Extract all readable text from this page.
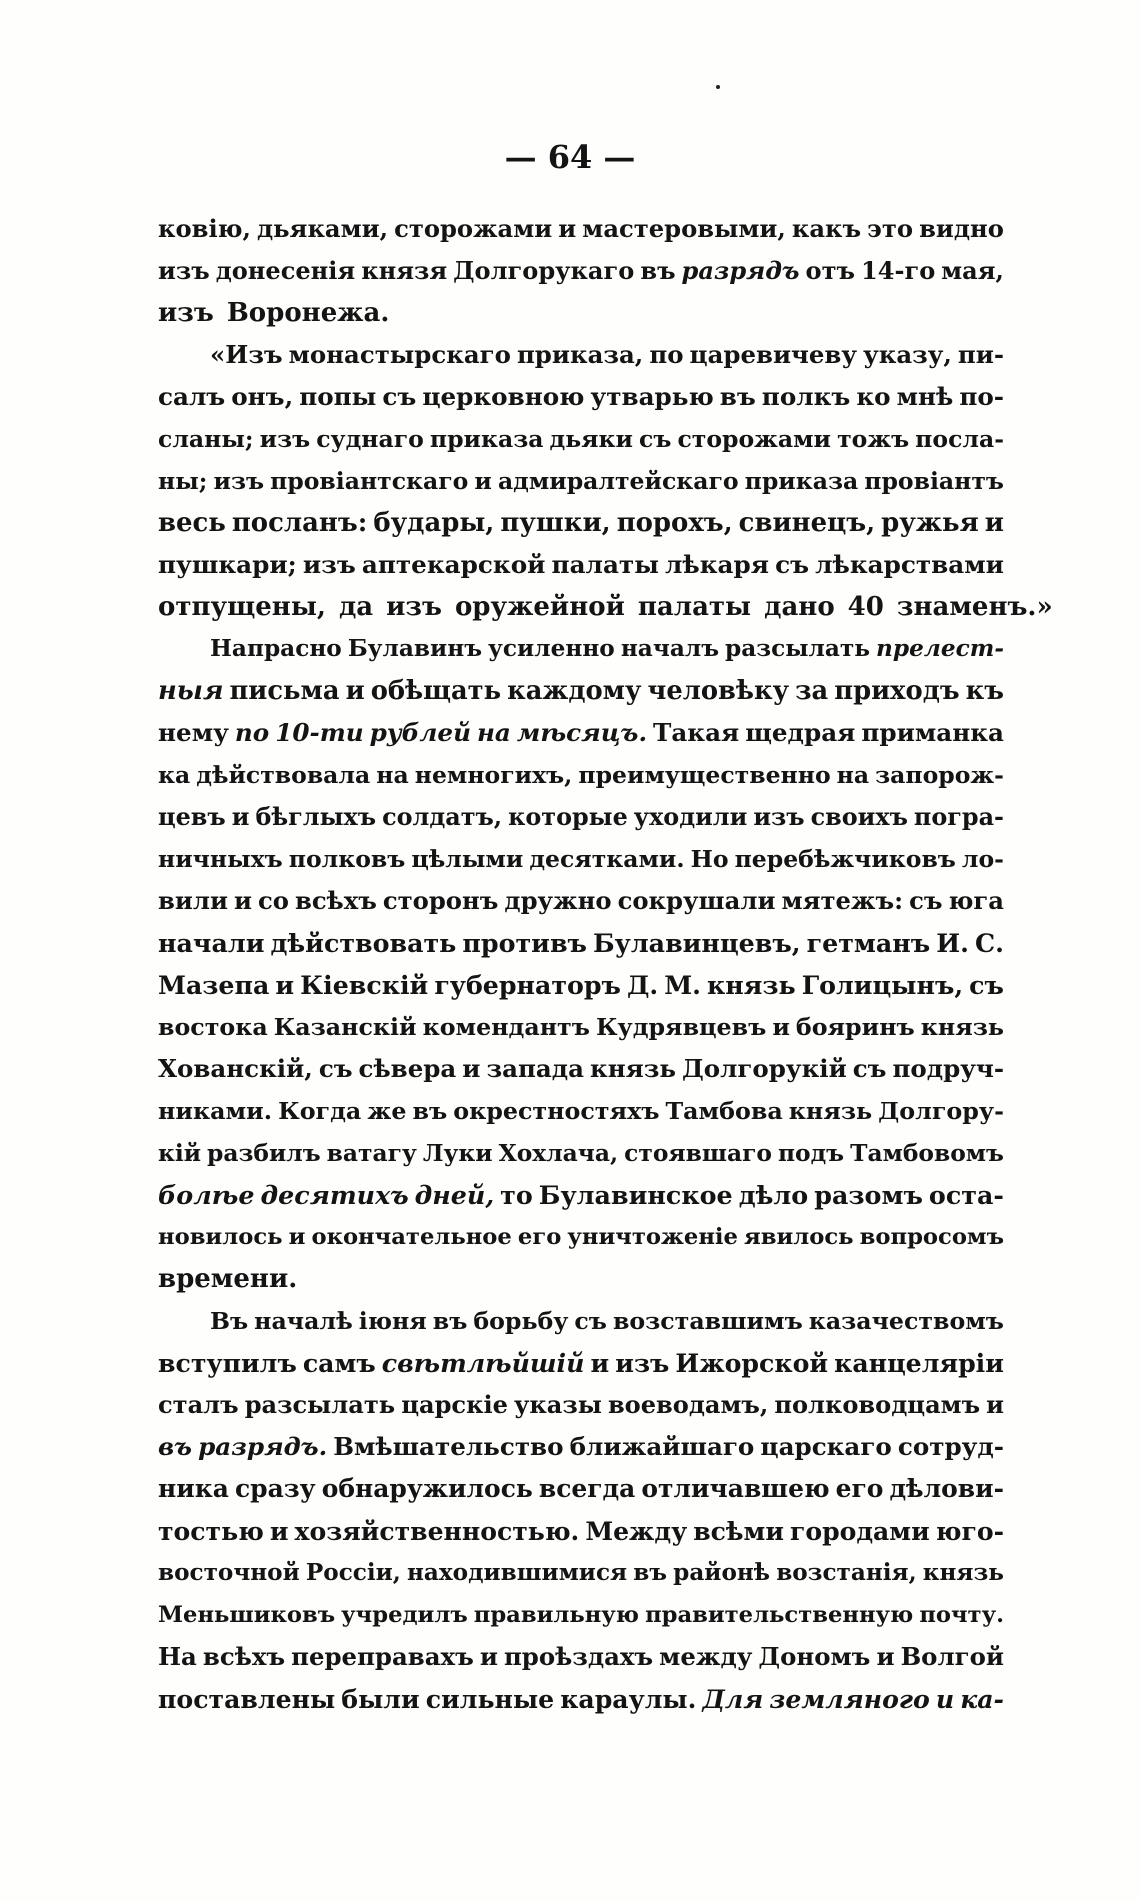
— 64 —
ковію, дьяками, сторожами и мастеровыми, какъ это видно
изъ донесенія князя Долгорукаго въ разрядъ отъ 14-го мая,
изъ Воронежа.
«Изъ монастырскаго приказа, по царевичеву указу, пи-
салъ онъ, попы съ церковною утварью въ полкъ ко мнѣ по-
сланы; изъ суднаго приказа дьяки съ сторожами тожъ посла-
ны; изъ провіантскаго и адмиралтейскаго приказа провіантъ
весь посланъ: будары, пушки, порохъ, свинецъ, ружья и
пушкари; изъ аптекарской палаты лѣкаря съ лѣкарствами
отпущены, да изъ оружейной палаты дано 40 знаменъ.»
Напрасно Булавинъ усиленно началъ разсылать прелест-
ныя письма и обѣщать каждому человѣку за приходъ къ
нему по 10-ти рублей на мѣсяцъ. Такая щедрая приманка
ка дѣйствовала на немногихъ, преимущественно на запорож-
цевъ и бѣглыхъ солдатъ, которые уходили изъ своихъ погра-
ничныхъ полковъ цѣлыми десятками. Но перебѣжчиковъ ло-
вили и со всѣхъ сторонъ дружно сокрушали мятежъ: съ юга
начали дѣйствовать противъ Булавинцевъ, гетманъ И. С.
Мазепа и Кіевскій губернаторъ Д. М. князь Голицынъ, съ
востока Казанскій комендантъ Кудрявцевъ и бояринъ князь
Хованскій, съ сѣвера и запада князь Долгорукій съ подруч-
никами. Когда же въ окрестностяхъ Тамбова князь Долгору-
кій разбилъ ватагу Луки Хохлача, стоявшаго подъ Тамбовомъ
болѣе десятихъ дней, то Булавинское дѣло разомъ оста-
новилось и окончательное его уничтоженіе явилось вопросомъ
времени.
Въ началѣ іюня въ борьбу съ возставшимъ казачествомъ
вступилъ самъ свѣтлѣйшій и изъ Ижорской канцеляріи
сталъ разсылать царскіе указы воеводамъ, полководцамъ и
въ разрядъ. Вмѣшательство ближайшаго царскаго сотруд-
ника сразу обнаружилось всегда отличавшею его дѣлови-
тостью и хозяйственностью. Между всѣми городами юго-
восточной Россіи, находившимися въ районѣ возстанія, князь
Меньшиковъ учредилъ правильную правительственную почту.
На всѣхъ переправахъ и проѣздахъ между Дономъ и Волгой
поставлены были сильные караулы. Для земляного и ка-
